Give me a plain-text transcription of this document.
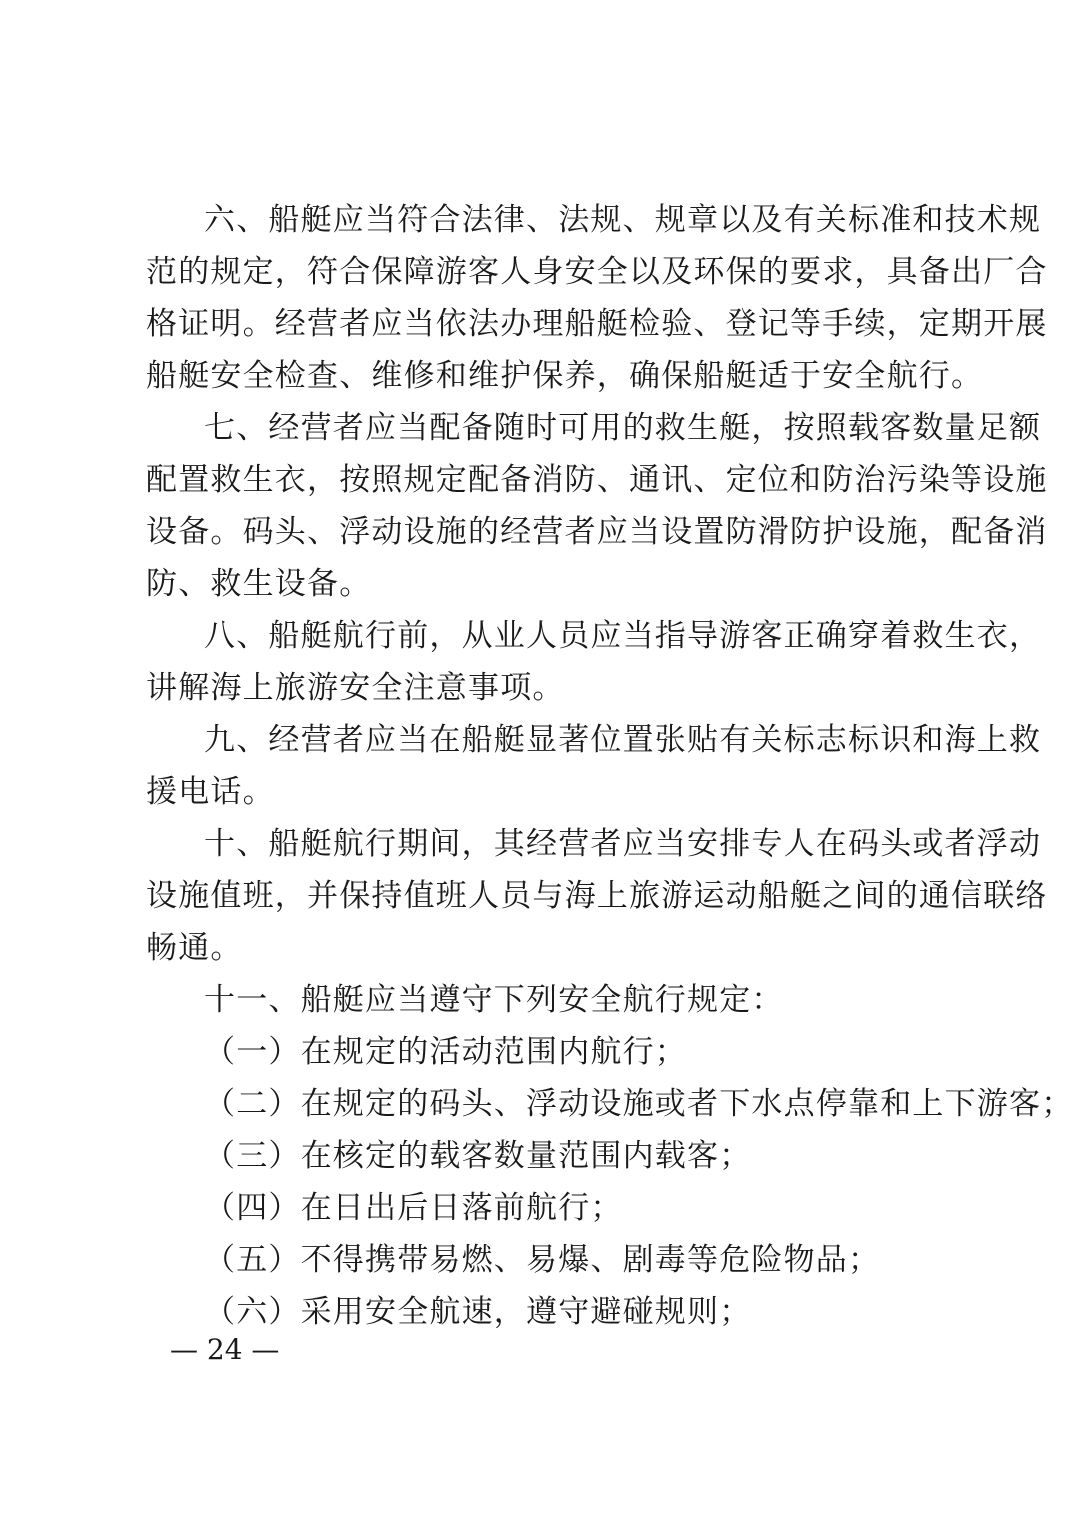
六、船艇应当符合法律、法规、规章以及有关标准和技术规
范的规定，符合保障游客人身安全以及环保的要求，具备出厂合
格证明。经营者应当依法办理船艇检验、登记等手续，定期开展
船艇安全检查、维修和维护保养，确保船艇适于安全航行。
七、经营者应当配备随时可用的救生艇，按照载客数量足额
配置救生衣，按照规定配备消防、通讯、定位和防治污染等设施
设备。码头、浮动设施的经营者应当设置防滑防护设施，配备消
防、救生设备。
八、船艇航行前，从业人员应当指导游客正确穿着救生衣，
讲解海上旅游安全注意事项。
九、经营者应当在船艇显著位置张贴有关标志标识和海上救
援电话。
十、船艇航行期间，其经营者应当安排专人在码头或者浮动
设施值班，并保持值班人员与海上旅游运动船艇之间的通信联络
畅通。
十一、船艇应当遵守下列安全航行规定：
（一）在规定的活动范围内航行；
（二）在规定的码头、浮动设施或者下水点停靠和上下游客；
（三）在核定的载客数量范围内载客；
（四）在日出后日落前航行；
（五）不得携带易燃、易爆、剧毒等危险物品；
（六）采用安全航速，遵守避碰规则；
— 24 —
